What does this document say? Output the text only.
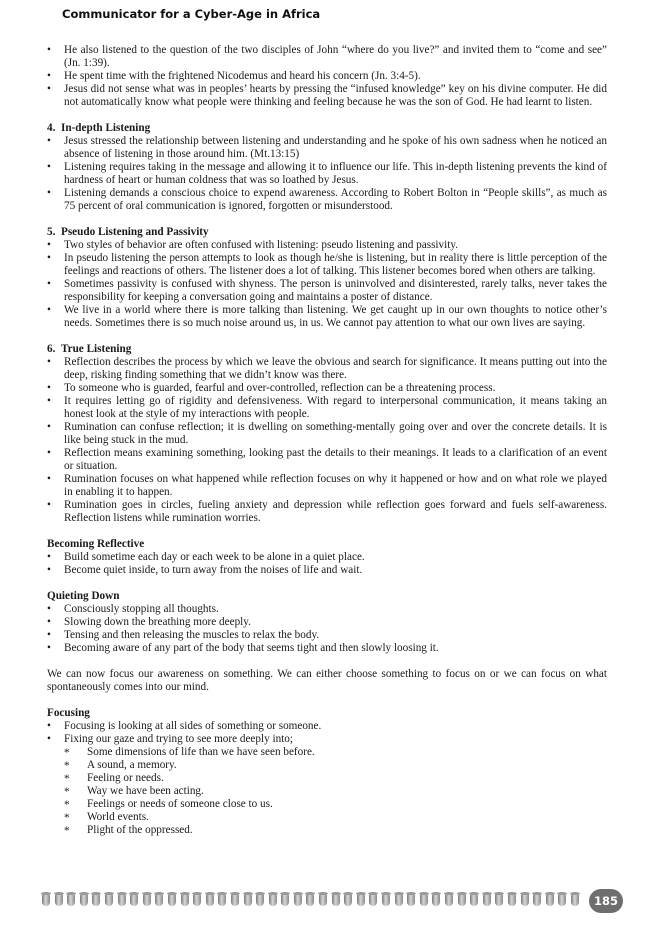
Communicator for a Cyber-Age in Africa
• He also listened to the question of the two disciples of John “where do you live?” and invited them to “come and see” (Jn. 1:39).
• He spent time with the frightened Nicodemus and heard his concern (Jn. 3:4-5).
• Jesus did not sense what was in peoples’ hearts by pressing the “infused knowledge” key on his divine computer. He did not automatically know what people were thinking and feeling because he was the son of God. He had learnt to listen.
4.  In-depth Listening
• Jesus stressed the relationship between listening and understanding and he spoke of his own sadness when he noticed an absence of listening in those around him. (Mt.13:15)
• Listening requires taking in the message and allowing it to influence our life. This in-depth listening prevents the kind of hardness of heart or human coldness that was so loathed by Jesus.
• Listening demands a conscious choice to expend awareness. According to Robert Bolton in “People skills”, as much as 75 percent of oral communication is ignored, forgotten or misunderstood.
5.  Pseudo Listening and Passivity
• Two styles of behavior are often confused with listening: pseudo listening and passivity.
• In pseudo listening the person attempts to look as though he/she is listening, but in reality there is little perception of the feelings and reactions of others. The listener does a lot of talking. This listener becomes bored when others are talking.
• Sometimes passivity is confused with shyness. The person is uninvolved and disinterested, rarely talks, never takes the responsibility for keeping a conversation going and maintains a poster of distance.
• We live in a world where there is more talking than listening. We get caught up in our own thoughts to notice other’s needs. Sometimes there is so much noise around us, in us. We cannot pay attention to what our own lives are saying.
6.  True Listening
• Reflection describes the process by which we leave the obvious and search for significance. It means putting out into the deep, risking finding something that we didn’t know was there.
• To someone who is guarded, fearful and over-controlled, reflection can be a threatening process.
• It requires letting go of rigidity and defensiveness. With regard to interpersonal communication, it means taking an honest look at the style of my interactions with people.
• Rumination can confuse reflection; it is dwelling on something-mentally going over and over the concrete details. It is like being stuck in the mud.
• Reflection means examining something, looking past the details to their meanings. It leads to a clarification of an event or situation.
• Rumination focuses on what happened while reflection focuses on why it happened or how and on what role we played in enabling it to happen.
• Rumination goes in circles, fueling anxiety and depression while reflection goes forward and fuels self-awareness. Reflection listens while rumination worries.
Becoming Reflective
• Build sometime each day or each week to be alone in a quiet place.
• Become quiet inside, to turn away from the noises of life and wait.
Quieting Down
• Consciously stopping all thoughts.
• Slowing down the breathing more deeply.
• Tensing and then releasing the muscles to relax the body.
• Becoming aware of any part of the body that seems tight and then slowly loosing it.

We can now focus our awareness on something. We can either choose something to focus on or we can focus on what spontaneously comes into our mind.

Focusing
• Focusing is looking at all sides of something or someone.
• Fixing our gaze and trying to see more deeply into;
* Some dimensions of life than we have seen before.
* A sound, a memory.
* Feeling or needs.
* Way we have been acting.
* Feelings or needs of someone close to us.
* World events.
* Plight of the oppressed.
185
